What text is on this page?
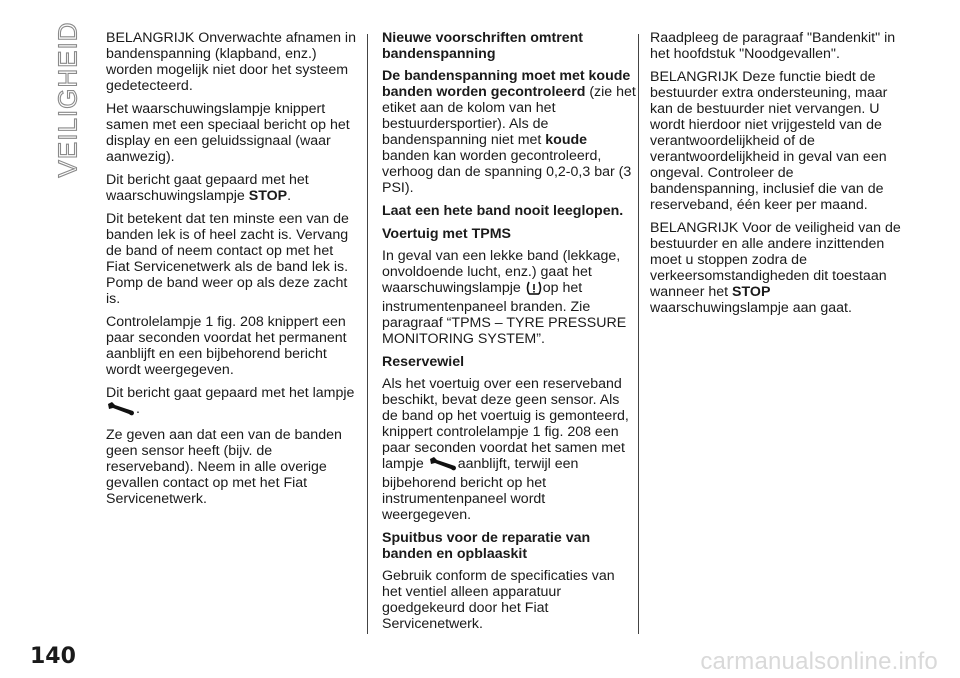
VEILIGHEID BELANGRIJK Onverwachte afnamen in bandenspanning (klapband, enz.) worden mogelijk niet door het systeem gedetecteerd.

Het waarschuwingslampje knippert samen met een speciaal bericht op het display en een geluidssignaal (waar aanwezig).

Dit bericht gaat gepaard met het waarschuwingslampje STOP.

Dit betekent dat ten minste een van de banden lek is of heel zacht is. Vervang de band of neem contact op met het Fiat Servicenetwerk als de band lek is. Pomp de band weer op als deze zacht is.

Controlelampje 1 fig. 208 knippert een paar seconden voordat het permanent aanblijft en een bijbehorend bericht wordt weergegeven.

Dit bericht gaat gepaard met het lampje
.

Ze geven aan dat een van de banden geen sensor heeft (bijv. de reserveband). Neem in alle overige gevallen contact op met het Fiat Servicenetwerk.

Nieuwe voorschriften omtrent bandenspanning

De bandenspanning moet met koude banden worden gecontroleerd (zie het etiket aan de kolom van het bestuurdersportier). Als de bandenspanning niet met koude banden kan worden gecontroleerd, verhoog dan de spanning 0,2-0,3 bar (3 PSI).

Laat een hete band nooit leeglopen.

Voertuig met TPMS

In geval van een lekke band (lekkage, onvoldoende lucht, enz.) gaat het waarschuwingslampje op het instrumentenpaneel branden. Zie paragraaf “TPMS – TYRE PRESSURE MONITORING SYSTEM”.

Reservewiel

Als het voertuig over een reserveband beschikt, bevat deze geen sensor. Als de band op het voertuig is gemonteerd, knippert controlelampje 1 fig. 208 een paar seconden voordat het samen met lampje aanblijft, terwijl een bijbehorend bericht op het instrumentenpaneel wordt weergegeven.

Spuitbus voor de reparatie van banden en opblaaskit

Gebruik conform de specificaties van het ventiel alleen apparatuur goedgekeurd door het Fiat Servicenetwerk.

Raadpleeg de paragraaf "Bandenkit" in het hoofdstuk "Noodgevallen".

BELANGRIJK Deze functie biedt de bestuurder extra ondersteuning, maar kan de bestuurder niet vervangen. U wordt hierdoor niet vrijgesteld van de verantwoordelijkheid of de verantwoordelijkheid in geval van een ongeval. Controleer de bandenspanning, inclusief die van de reserveband, één keer per maand.

BELANGRIJK Voor de veiligheid van de bestuurder en alle andere inzittenden moet u stoppen zodra de verkeersomstandigheden dit toestaan wanneer het STOP waarschuwingslampje aan gaat.

140	carmanualsonline.info
